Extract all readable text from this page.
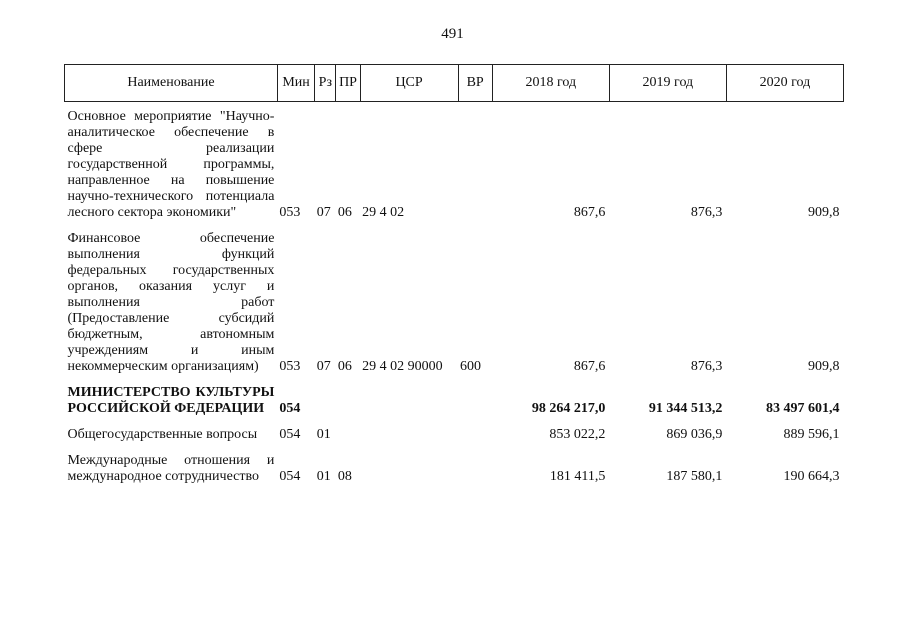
491
Наименование	Мин	Рз	ПР	ЦСР	ВР	2018 год	2019 год	2020 год
Основное мероприятие "Научно-аналитическое обеспечение в сфере реализации государственной программы, направленное на повышение научно-технического потенциала лесного сектора экономики"	053	07	06	29 4 02		867,6	876,3	909,8
Финансовое обеспечение выполнения функций федеральных государственных органов, оказания услуг и выполнения работ (Предоставление субсидий бюджетным, автономным учреждениям и иным некоммерческим организациям)	053	07	06	29 4 02 90000	600	867,6	876,3	909,8
МИНИСТЕРСТВО КУЛЬТУРЫ РОССИЙСКОЙ ФЕДЕРАЦИИ	054					98 264 217,0	91 344 513,2	83 497 601,4
Общегосударственные вопросы	054	01				853 022,2	869 036,9	889 596,1
Международные отношения и международное сотрудничество	054	01	08			181 411,5	187 580,1	190 664,3
